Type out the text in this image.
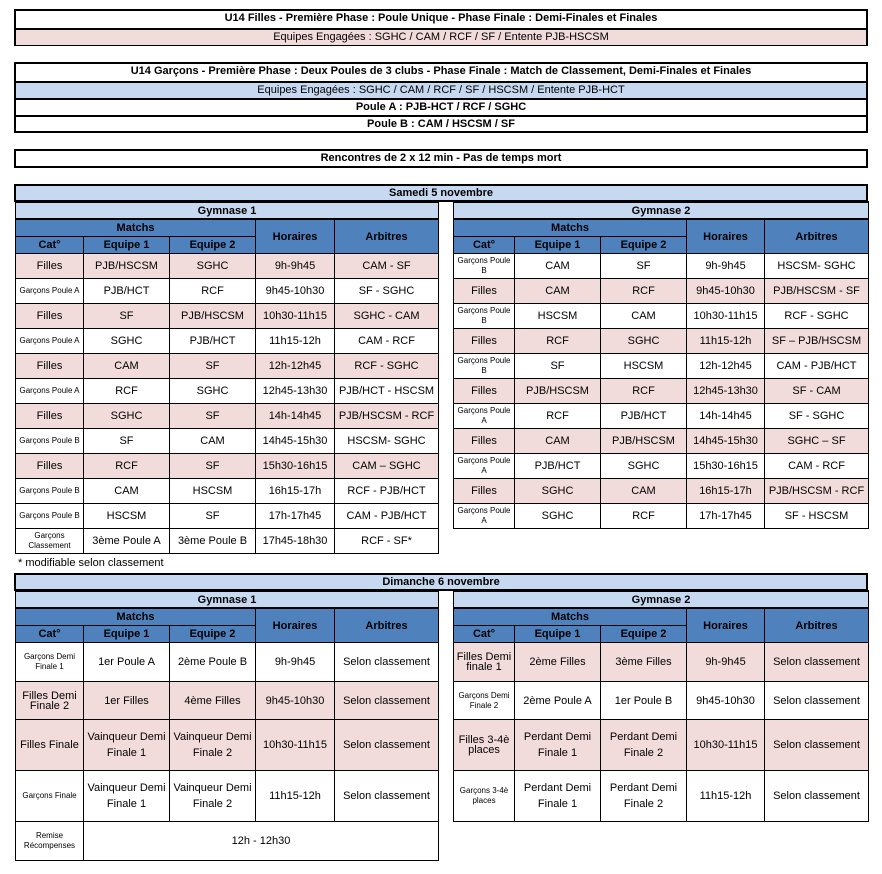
U14 Filles - Première Phase : Poule Unique - Phase Finale : Demi-Finales et Finales
Equipes Engagées : SGHC / CAM / RCF / SF / Entente PJB-HSCSM
U14 Garçons - Première Phase : Deux Poules de 3 clubs - Phase Finale : Match de Classement, Demi-Finales et Finales
Equipes Engagées : SGHC / CAM / RCF / SF / HSCSM / Entente PJB-HCT
Poule A : PJB-HCT / RCF / SGHC
Poule B : CAM / HSCSM / SF
Rencontres de 2 x 12 min - Pas de temps mort
Samedi 5 novembre
Gymnase 1				
Matchs			Horaires	Arbitres
Cat°	Equipe 1	Equipe 2		
Filles	PJB/HSCSM	SGHC	9h-9h45	CAM - SF
Garçons Poule A	PJB/HCT	RCF	9h45-10h30	SF - SGHC
Filles	SF	PJB/HSCSM	10h30-11h15	SGHC - CAM
Garçons Poule A	SGHC	PJB/HCT	11h15-12h	CAM - RCF
Filles	CAM	SF	12h-12h45	RCF - SGHC
Garçons Poule A	RCF	SGHC	12h45-13h30	PJB/HCT - HSCSM
Filles	SGHC	SF	14h-14h45	PJB/HSCSM - RCF
Garçons Poule B	SF	CAM	14h45-15h30	HSCSM- SGHC
Filles	RCF	SF	15h30-16h15	CAM – SGHC
Garçons Poule B	CAM	HSCSM	16h15-17h	RCF - PJB/HCT
Garçons Poule B	HSCSM	SF	17h-17h45	CAM - PJB/HCT
Garçons Classement	3ème Poule A	3ème Poule B	17h45-18h30	RCF - SF*
Gymnase 2				
Matchs			Horaires	Arbitres
Cat°	Equipe 1	Equipe 2		
Garçons Poule B	CAM	SF	9h-9h45	HSCSM- SGHC
Filles	CAM	RCF	9h45-10h30	PJB/HSCSM - SF
Garçons Poule B	HSCSM	CAM	10h30-11h15	RCF - SGHC
Filles	RCF	SGHC	11h15-12h	SF – PJB/HSCSM
Garçons Poule B	SF	HSCSM	12h-12h45	CAM - PJB/HCT
Filles	PJB/HSCSM	RCF	12h45-13h30	SF - CAM
Garçons Poule A	RCF	PJB/HCT	14h-14h45	SF - SGHC
Filles	CAM	PJB/HSCSM	14h45-15h30	SGHC – SF
Garçons Poule A	PJB/HCT	SGHC	15h30-16h15	CAM - RCF
Filles	SGHC	CAM	16h15-17h	PJB/HSCSM - RCF
Garçons Poule A	SGHC	RCF	17h-17h45	SF - HSCSM
* modifiable selon classement
Dimanche 6 novembre
Gymnase 1				
Matchs			Horaires	Arbitres
Cat°	Equipe 1	Equipe 2		
Garçons Demi Finale 1	1er Poule A	2ème Poule B	9h-9h45	Selon classement
Filles Demi Finale 2	1er Filles	4ème Filles	9h45-10h30	Selon classement
Filles Finale	Vainqueur Demi Finale 1	Vainqueur Demi Finale 2	10h30-11h15	Selon classement
Garçons Finale	Vainqueur Demi Finale 1	Vainqueur Demi Finale 2	11h15-12h	Selon classement
Remise Récompenses	12h - 12h30			
Gymnase 2				
Matchs			Horaires	Arbitres
Cat°	Equipe 1	Equipe 2		
Filles Demi finale 1	2ème Filles	3ème Filles	9h-9h45	Selon classement
Garçons Demi Finale 2	2ème Poule A	1er Poule B	9h45-10h30	Selon classement
Filles 3-4è places	Perdant Demi Finale 1	Perdant Demi Finale 2	10h30-11h15	Selon classement
Garçons 3-4è places	Perdant Demi Finale 1	Perdant Demi Finale 2	11h15-12h	Selon classement
